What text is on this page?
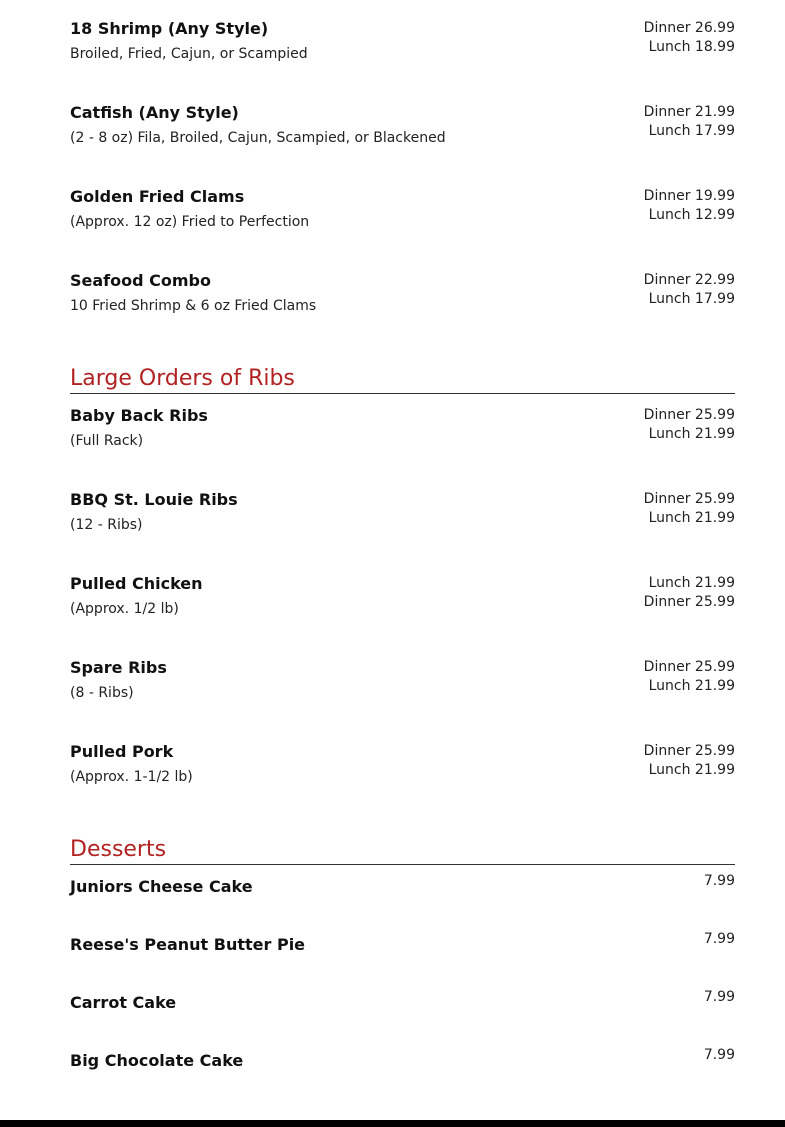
18 Shrimp (Any Style)
Broiled, Fried, Cajun, or Scampied
Dinner 26.99
Lunch 18.99
Catfish (Any Style)
(2 - 8 oz) Fila, Broiled, Cajun, Scampied, or Blackened
Dinner 21.99
Lunch 17.99
Golden Fried Clams
(Approx. 12 oz) Fried to Perfection
Dinner 19.99
Lunch 12.99
Seafood Combo
10 Fried Shrimp & 6 oz Fried Clams
Dinner 22.99
Lunch 17.99
Large Orders of Ribs
Baby Back Ribs
(Full Rack)
Dinner 25.99
Lunch 21.99
BBQ St. Louie Ribs
(12 - Ribs)
Dinner 25.99
Lunch 21.99
Pulled Chicken
(Approx. 1/2 lb)
Lunch 21.99
Dinner 25.99
Spare Ribs
(8 - Ribs)
Dinner 25.99
Lunch 21.99
Pulled Pork
(Approx. 1-1/2 lb)
Dinner 25.99
Lunch 21.99
Desserts
Juniors Cheese Cake	7.99
Reese's Peanut Butter Pie	7.99
Carrot Cake	7.99
Big Chocolate Cake	7.99
